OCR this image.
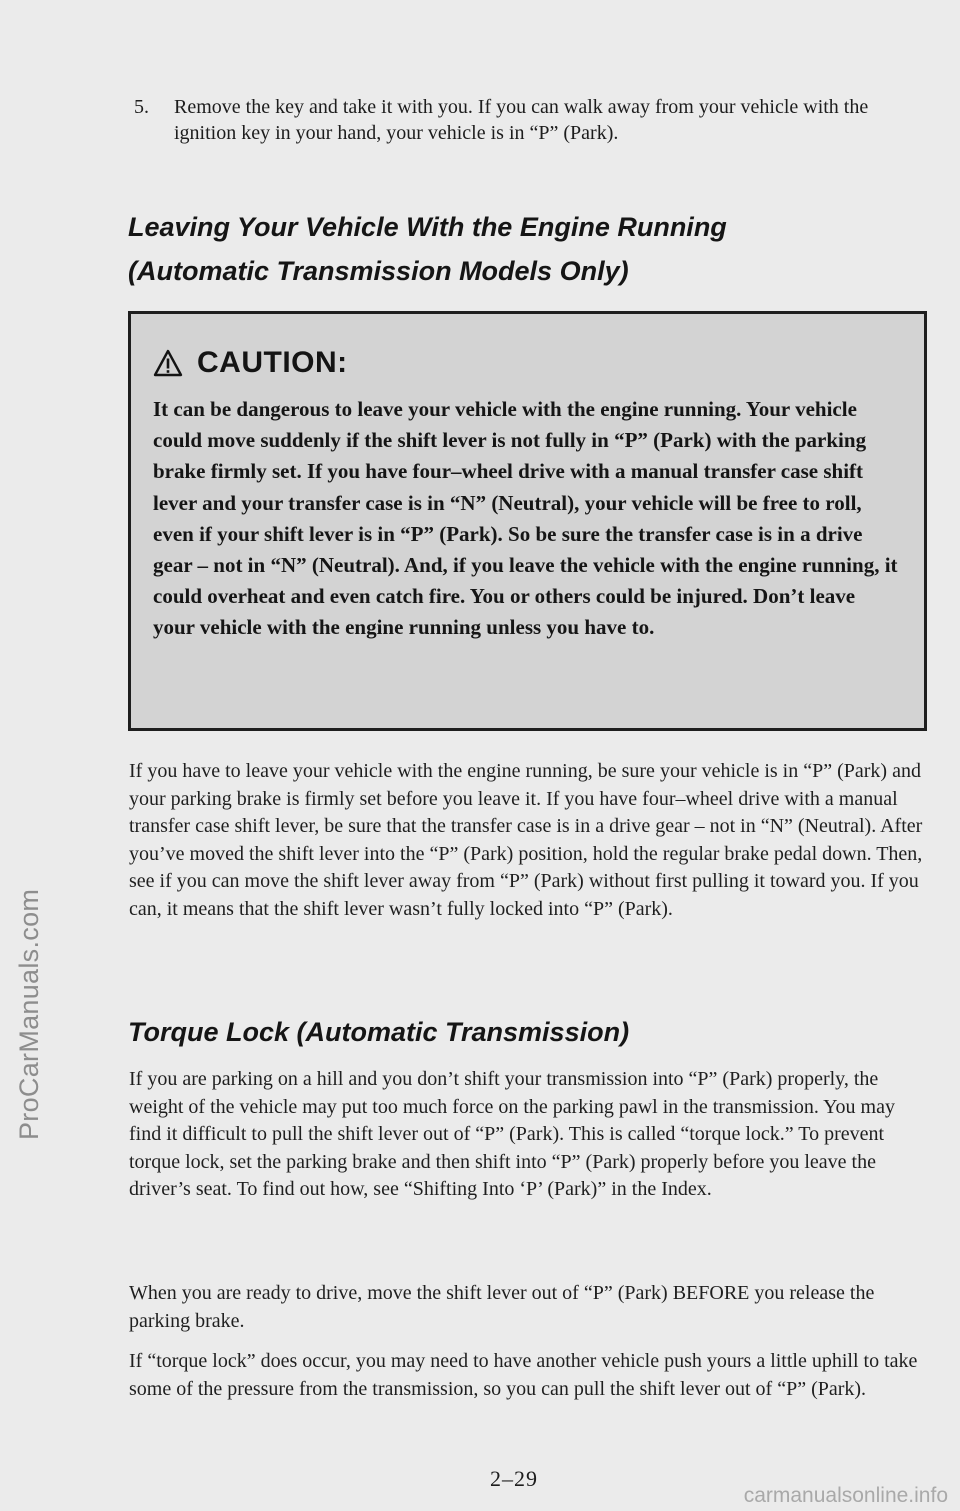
ProCarManuals.com
5. Remove the key and take it with you. If you can walk away from your vehicle with the ignition key in your hand, your vehicle is in “P” (Park).
Leaving Your Vehicle With the Engine Running
(Automatic Transmission Models Only)
CAUTION:
It can be dangerous to leave your vehicle with the engine running. Your vehicle could move suddenly if the shift lever is not fully in “P” (Park) with the parking brake firmly set. If you have four–wheel drive with a manual transfer case shift lever and your transfer case is in “N” (Neutral), your vehicle will be free to roll, even if your shift lever is in “P” (Park). So be sure the transfer case is in a drive gear – not in “N” (Neutral). And, if you leave the vehicle with the engine running, it could overheat and even catch fire. You or others could be injured. Don’t leave your vehicle with the engine running unless you have to.
If you have to leave your vehicle with the engine running, be sure your vehicle is in “P” (Park) and your parking brake is firmly set before you leave it. If you have four–wheel drive with a manual transfer case shift lever, be sure that the transfer case is in a drive gear – not in “N” (Neutral). After you’ve moved the shift lever into the “P” (Park) position, hold the regular brake pedal down. Then, see if you can move the shift lever away from “P” (Park) without first pulling it toward you. If you can, it means that the shift lever wasn’t fully locked into “P” (Park).
Torque Lock (Automatic Transmission)
If you are parking on a hill and you don’t shift your transmission into “P” (Park) properly, the weight of the vehicle may put too much force on the parking pawl in the transmission. You may find it difficult to pull the shift lever out of “P” (Park). This is called “torque lock.” To prevent torque lock, set the parking brake and then shift into “P” (Park) properly before you leave the driver’s seat. To find out how, see “Shifting Into ‘P’ (Park)” in the Index.
When you are ready to drive, move the shift lever out of “P” (Park) BEFORE you release the parking brake.
If “torque lock” does occur, you may need to have another vehicle push yours a little uphill to take some of the pressure from the transmission, so you can pull the shift lever out of “P” (Park).
2–29
carmanualsonline.info
